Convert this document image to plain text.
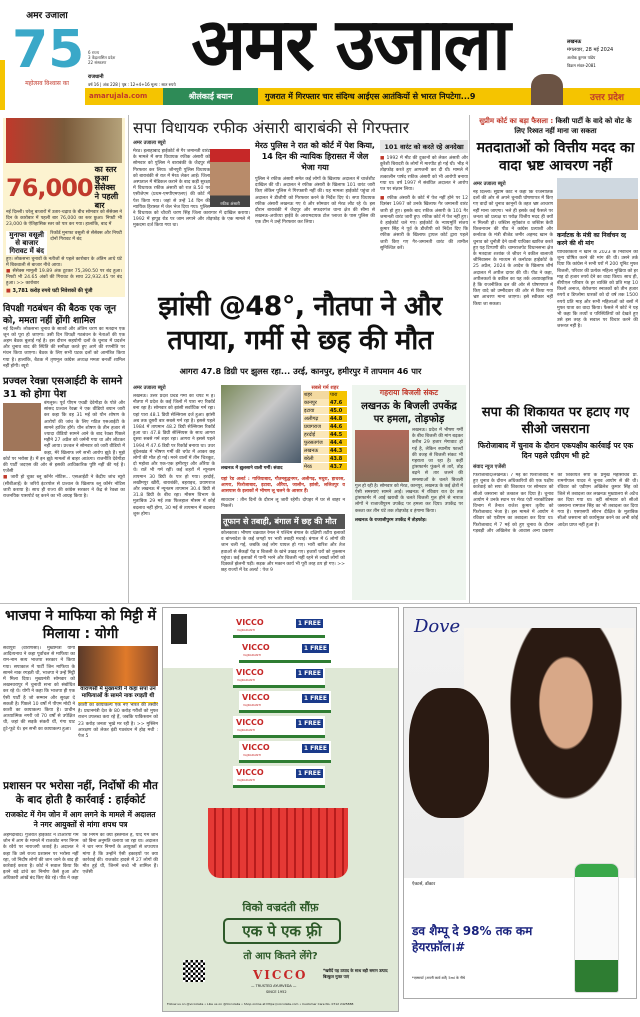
अमर उजाला
75
महोत्सव विश्वास का
6 राज्य
3 केंद्रशासित प्रदेश
22 संस्करण
राजधानी
वर्ष 16 | अंक 228 | पृष्ठ : 12+4+16 मूल्य : सात रुपये अमर उजाला	लखनऊ
मंगलवार, 28 मई 2024
अशोक कुमार पांडेय
विक्रम संवत-2081
amarujala.com	श्रीलंकाई बयान	गुजरात में गिरफ्तार चार संदिग्ध आईएस आतंकियों से भारत निपटेगा...9	उत्तर प्रदेश
76,000
का स्तर छुआ सेंसेक्स ने पहली बार
नई दिल्ली। घरेलू बाजारों में उतार-चढ़ाव के बीच सोमवार को सेंसेक्स ने दिन के कारोबार में पहली बार 76,000 का स्तर छुआ। निफ्टी भी 23,000 के ऐतिहासिक स्तर को पार कर गया। हालांकि, बाद में
मुनाफा वसूली से बाजार गिरावट में बंद
रिकॉर्ड मुनाफा वसूली से सेंसेक्स और निफ्टी दोनों गिरावट में बंद
हुए। लोकसभा चुनावों के नतीजों से पहले कारोबार के अंतिम आधे घंटे में बिकवाली से बाजार नीचे आया।
■ सेंसेक्स मामूली 19.89 अंक टूटकर 75,390.50 पर बंद हुआ। निफ्टी भी 24.65 अंकों की गिरावट के साथ 22,932.45 पर बंद हुआ। >> कारोबार
■ 3,781 करोड़ रुपये घटी निवेशकों की पूंजी
विपक्षी गठबंधन की बैठक एक जून को, ममता नहीं होंगी शामिल
नई दिल्ली। लोकसभा चुनाव के सातवें और अंतिम चरण का मतदान एक जून को पूरा हो जाएगा। उसी दिन विपक्षी गठबंधन के नेताओं की एक अहम बैठक बुलाई गई है। इस दौरान सहयोगी दलों के चुनाव में प्रदर्शन और चुनाव बाद की स्थिति की समीक्षा करते हुए आगे की रणनीति पर मंथन किया जाएगा। बैठक के लिए सभी घटक दलों को आमंत्रित किया गया है। हालांकि, बैठक में तृणमूल कांग्रेस अध्यक्ष ममता बनर्जी शामिल नहीं होंगी। ब्यूरो
प्रज्वल रेवन्ना एसआईटी के सामने 31 को होगा पेश
बंगलूरू। पूर्व पीएम एचडी देवेगौड़ा के पोते और सांसद प्रज्वल रेवन्ना ने एक वीडियो बयान जारी कर कहा कि वह 31 मई को यौन शोषण के आरोपों की जांच के लिए गठित एसआईटी के सामने हाजिर होंगे। यौन शोषण के तीन हजार से ज्यादा वीडियो सामने आने के बाद रेवन्ना पिछले महीने 27 अप्रैल को जर्मनी गया था और लौटकर नहीं आया। प्रज्वल ने सोमवार को जारी वीडियो में कहा, मेरे खिलाफ लगे सभी आरोप झूठे हैं। मुझे कोर्ट पर भरोसा है। मैं इन झूठे मामलों से बाहर आऊंगा। राजनीति देवेगौड़ा की पार्टी जदएस की ओर से इसकी आधिकारिक पुष्टि नहीं की गई है। एजेंसी
■ जारी हो चुका ब्लू कॉर्नर नोटिस... एसआईटी ने केंद्रीय जांच ब्यूरो (सीबीआई) के जरिये इंटरपोल से प्रज्वल के खिलाफ ब्लू कॉर्नर नोटिस जारी कराया है। साथ ही राज्य की कांग्रेस सरकार ने केंद्र से रेवन्ना का राजनयिक पासपोर्ट रद्द करने का भी आग्रह किया है।
सपा विधायक रफीक अंसारी बाराबंकी से गिरफ्तार
अमर उजाला ब्यूरो
रफीक अंसारी
मेरठ। इलाहाबाद हाईकोर्ट से गैर जमानती वारंट के मामले में सपा विधायक रफीक अंसारी को सोमवार को पुलिस ने बाराबंकी के जैदपुर से गिरफ्तार कर लिया। जौनपुरी पुलिस विधायक को बाराबंकी से रात में मेरठ लेकर आई। जिला अस्पताल में मेडिकल कराने के बाद कड़ी सुरक्षा में विधायक रफीक अंसारी को रात 8.50 पर एसीजेएम (प्रथम-एमपीएमएलए) की कोर्ट में पेश किया गया। जहां से उन्हें 14 दिन की न्यायिक हिरासत में जेल भेज दिया गया। पुलिस ने विधायक को चौधरी चरण सिंह जिला कारागार में दाखिल कराया। 1992 में हापुड़ रोड पर जाम लगाने और तोड़फोड़ के एक मामले में मुकदमा दर्ज किया गया था।
मेरठ पुलिस ने रात को कोर्ट में पेश किया, 14 दिन की न्यायिक हिरासत में जेल भेजा गया
पुलिस ने रफीक अंसारी समेत कई लोगों के खिलाफ अदालत में चार्जशीट दाखिल की थी। अदालत ने रफीक अंसारी के खिलाफ 101 वारंट जारी किए लेकिन पुलिस ने गिरफ्तारी नहीं की। यह मामला हाईकोर्ट पहुंचा तो अदालत ने डीजीपी को गिरफ्तार करने के निर्देश दिए थे। सपा विधायक रफीक अंसारी लखनऊ गए थे और सोमवार को मेरठ लौट रहे थे। इस दौरान बाराबंकी में जैदपुर और सफदरगंज थाना क्षेत्र की सीमा से लखनऊ-अयोध्या हाईवे के आरामदायक टोल प्लाजा के पास पुलिस की एक टीम ने उन्हें गिरफ्तार कर लिया।
101 वारंट को करते रहे अनदेखा
■ 1992 में मीट की दुकानों को लेकर अंसारी और कुरैशी बिरादरी के लोगों में मारपीट हो गई थी। भीड़ ने तोड़फोड़ करते हुए आगजनी कर दी थी। मामले में तत्कालीन पार्षद रफीक अंसारी को भी आरोपी बनाया गया था। वर्ष 1997 में संबंधित अदालत ने आरोप पत्र पर संज्ञान लिया।
■ रफीक अंसारी के कोर्ट में पेश नहीं होने पर 12 दिसंबर 1997 को उनके खिलाफ गैर जमानती वारंट जारी हो हुए। इसके बाद रफीक अंसारी के 101 गैर जमानती वारंट जारी हुए। रफीक कोर्ट में पेश नहीं हुए। वे हाईकोर्ट चले गए। हाईकोर्ट के न्यायमूर्ति संजय कुमार सिंह ने पूर्व के डीजीपी को निर्देश दिए कि रफीक अंसारी के खिलाफ ट्रायल कोर्ट द्वारा पहले जारी किए गए गैर-जमानती वारंट की तामील सुनिश्चित करें।
झांसी @48°, नौतपा ने और तपाया, गर्मी से छह की मौत
आगरा 47.8 डिग्री पर झुलस रहा... उरई, कानपुर, हमीरपुर में तापमान 46 पार
अमर उजाला ब्यूरो
लखनऊ। उत्तर प्रदेश प्रचंड गर्मी की चपेट में है। नौतपा में प्रदेश के कई जिलों में पारा नए रिकॉर्ड बना रहा है। सोमवार को झांसी सर्वाधिक गर्म रहा। यहां पारा 48.1 डिग्री सेल्सियस दर्ज हुआ। झांसी अब तक दूसरी बार सबसे गर्म रहा है। इससे पहले 1984 में तापमान 48.2 डिग्री सेल्सियस रिकॉर्ड हुआ था। 47.8 डिग्री सेल्सियस के साथ आगरा दूसरा सबसे गर्म शहर रहा। आगरा ने इससे पहले 1994 में 47.6 डिग्री पर रिकॉर्ड बनाया था। उधर बुंदेलखंड में भीषण गर्मी की चपेट में आकर छह लोगों की मौत हो गई। मरने वालों में तीन चित्रकूट, दो महोबा और एक-एक हमीरपुर और औरैया के थे। रातें भी गर्म रहीं। कई शहरों में न्यूनतम तापमान 30 डिग्री के पार हो गया। हरदोई, लखीमपुर खीरी, बाराबंकी, बहराइच, प्रयागराज और लखनऊ में न्यूनतम तापमान 30.4 डिग्री से 31.8 डिग्री के बीच रहा। मौसम विभाग के मुताबिक 29 मई तक फिलहाल मौसम में कोई बदलाव नहीं होगा, 30 मई से तापमान में बदलाव शुरू होगा।
लखनऊ में झुलसाने वाली गर्मी। संवाद
सबसे गर्म शहर
शहर	पारा
कानपुर	47.6
इटावा	45.0
अलीगढ़	44.8
प्रयागराज	44.6
हरदोई	44.5
फुरसतगंज	44.4
लखनऊ	44.3
बरेली	43.8
मेरठ	43.7
यहां रेड अलर्ट : गाजियाबाद, गौतमबुद्धनगर, अलीगढ़, मथुरा, हाथरस, आगरा, फिरोजाबाद, इटावा, औरैया, जालौन, झांसी, ललितपुर व आसपास के इलाकों में भीषण लू चलने के आसार हैं।
सावधान : तीन दिनों के दौरान लू जारी रहेगी। दोपहर में घर से बाहर न निकलें।
तूफान से तबाही, बंगाल में छह की मौत
कोलकाता। भीषण चक्रवात रेमल ने पश्चिम बंगाल के दक्षिणी तटीय इलाकों व बांग्लादेश के कई जगहों पर भारी तबाही मचाई। बंगाल में 6 लोगों की जान चली गई, जबकि कई लोग घायल हो गए। भारी बारिश और तेज हवाओं से सैकड़ों पेड़ व बिजली के खंभे उखड़ गए। हजारों घरों को नुकसान पहुंचा। कई इलाकों में पानी भरने और बिजली नहीं रहने से लाखों लोगों को दिक्कतें झेलनी पड़ी। सड़क और मकान कार्य भी पूरी तरह ठप हो गए। >> छह राज्यों में रेड अलर्ट : पेज 9
गहराया बिजली संकट
लखनऊ के बिजली उपकेंद्र पर हमला, तोड़फोड़
लखनऊ। प्रदेश में भीषण गर्मी के बीच बिजली की मांग बढ़कर करीब 29 हजार मेगावाट हो गई है, लेकिन स्थानीय फाल्टों की वजह से बिजली संकट भी गहराता जा रहा है। कहीं ट्रांसफार्मर फुंकने से तारें, तोड़ बढ़ने से तार जलने की समस्याओं के चलते बिजली गुल हो रही है। सोमवार को मेरठ, कानपुर, लखनऊ के कई क्षेत्रों में ऐसी समस्याएं सामने आईं। लखनऊ में रविवार रात देर तक ट्रांसफार्मर में आई खराबी के चलते बिजली गुल होने से नाराज लोगों ने राजाजीपुरम उपकेंद्र पर हमला कर दिया। उपकेंद्र पर कब्जा कर तीन घंटे तक तोड़फोड़ व हंगामा किया।
लखनऊ के राजाजीपुरम उपकेंद्र में तोड़फोड़।
सुप्रीम कोर्ट का बड़ा फैसला : किसी पार्टी के वादे को वोट के लिए रिश्वत नहीं माना जा सकता
मतदाताओं को वित्तीय मदद का वादा भ्रष्ट आचरण नहीं
अमर उजाला ब्यूरो
नई दिल्ली। सुप्रीम कोर्ट ने कहा कि राजनीतिक दलों की ओर से अपने चुनावी घोषणापत्र में किए गए वादों को चुनाव कानूनों के तहत भ्रष्ट आचरण नहीं माना जाएगा। भले ही इसके कई फैसले पर जनता को प्रत्यक्ष या परोक्ष वित्तीय मदद ही क्यों न मिलती हो। जस्टिस सूर्यकांत व जस्टिस केवी विश्वनाथन की पीठ ने कांग्रेस प्रत्याशी और कर्नाटक के मंत्री बीजेड जमीर अहमद खान के चुनाव को चुनौती देने वाली याचिका खारिज करते हुए यह टिप्पणी की। चामराजपेट विधानसभा क्षेत्र के मतदाता शशांक जे श्रीधर ने वकील बालाजी श्रीनिवासन के माध्यम से कर्नाटक हाईकोर्ट के 25 अप्रैल, 2024 के आदेश के खिलाफ शीर्ष अदालत में अपील दायर की थी। पीठ ने कहा, अपीलकर्ता के वकील का यह तर्क अव्यावहारिक है कि राजनीतिक दल की ओर से घोषणापत्र में किए वादे को उम्मीदवार की ओर से किया गया भ्रष्ट आचरण माना जाएगा। इसे स्वीकार नहीं किया जा सकता।
कर्नाटक के मंत्री का निर्वाचन रद्द करने की थी मांग
याचिकाकर्ता ने खान के 2023 के निर्वाचन को शून्य घोषित करने की मांग की थी। उसने तर्क दिया कि कांग्रेस ने सभी घरों में 200 यूनिट मुफ्त बिजली, परिवार की प्रत्येक महिला मुखिया को हर माह दो हजार रुपये देने का वादा किया। साथ ही, बीपीएल परिवार के हर व्यक्ति को प्रति माह 10 किलो अनाज, बेरोजगार स्नातकों को तीन हजार रुपये व डिप्लोमा धारकों को दो वर्ष तक 1500 रुपये प्रति माह और सभी महिलाओं को बसों में मुफ्त यात्रा का वादा किया। फैसले में कोर्ट ने यह भी कहा कि तथ्यों व परिस्थितियों को देखते हुए उसे इस तरह के सवाल पर विचार करने की जरूरत नहीं है।
सपा की शिकायत पर हटाए गए सीओ जसराना
फिरोजाबाद में चुनाव के दौरान एकपक्षीय कार्रवाई पर एक दिन पहले एडीएम भी हटे
संवाद न्यूज एजेंसी
फिरोजाबाद/लखनऊ। 7 मई को फिरोजाबाद में हुए चुनाव के दौरान अधिकारियों की एक पक्षीय कार्रवाई को सपा की शिकायत पर सोमवार को सीओ जसराना को तत्काल कर दिया है। चुनाव आयोग ने उनके स्थान पर मेरठ एंटी नारकोटिक्स विभाग में तैनात राजेश कुमार तृतीय को फिरोजाबाद भेजा है। इस मामले में आयोग ने रविवार को एडीएम का तबादला कर दिया था। फिरोजाबाद में 7 मई को हुए चुनाव के दौरान गड़बड़ी और अखिलेश के आवास अन्य प्रकरण की शिकायत सपा के प्रमुख महासचिव प्रो. रामगोपाल यादव ने चुनाव आयोग से की थी। रविवार को एडीएम अखिलेश कुमार सिंह को जिले से तबादला कर लखनऊ मुख्यालय से अटैच कर दिया गया था। वहीं सोमवार को सीओ जसराना रामपाल सिंह का भी तबादला कर दिया गया है। एसएसपी सौरभ दीक्षित के मुताबिक सीओ जसराना को कार्यमुक्त करने का अभी कोई आदेश प्राप्त नहीं हुआ है।
भाजपा ने माफिया को मिट्टी में मिलाया : योगी
सेवापुरी (वाराणसी)। मुख्यमंत्री योगी आदित्यनाथ ने कहा पूर्वांचल से माफिया का राम-नाम सत्य भाजपा सरकार ने किया गया। सपाकाल में पार्टी जिन माफिया के सामने नाक रगड़ती थी, भाजपा ने उन्हें मिट्टी में मिला दिया। मुख्यमंत्री सोमवार को लखनवरापुर में चुनावी सभा को संबोधित कर रहे थे। योगी ने कहा कि भाजपा ही एक ऐसी पार्टी है जो सम्मान और सुरक्षा दे सकती है। पिछले 10 वर्षों में पीएम मोदी ने काशी का कायाकल्प किया है। प्राचीन आध्यात्मिक नगरी जो 70 वर्षों से उपेक्षित थी, जहां की सड़कें संकरी थीं, गंगा घाट टूटे-फूटे थे। इन सभी का कायाकल्प हुआ।
वाराणसी में मुख्यमंत्री ने कहा सपा उन माफियाओं के सामने नाक रगड़ती थी
काशी का कायाकल्प एक नए भारत की तस्वीर है। प्रधानमंत्री देश के 80 करोड़ गरीबों को मुफ्त राशन उपलब्ध करा रहे हैं, जबकि पाकिस्तान को 23 करोड़ जनता भूखे मर रही है। >> मुस्लिम आरक्षण को लेकर इंडी गठबंधन में होड़ मची : पेज 5
प्रशासन पर भरोसा नहीं, निर्दोषों की मौत के बाद होती है कार्रवाई : हाईकोर्ट
राजकोट में गेम जोन में आग लगने के मामले में अदालत ने नगर आयुक्तों से मांगा शपथ पत्र
अहमदाबाद। गुजरात हाईकोर्ट ने टीआरपी गेम जोन में आग के मामले में राजकोट नगर निगम के रवैये पर नाराजगी जताई है। अदालत ने कहा कि उसे राज्य प्रशासन पर भरोसा नहीं रहा, जो निर्दोष लोगों की जान जाने के बाद ही कार्रवाई करता है। कोर्ट ने सवाल किया कि इतने बड़े ढांचे का निर्माण कैसे हुआ और अधिकारी आंखें बंद किए बैठे रहे। पीठ ने कहा कि निगम का क्या इस्तेमाल है, यदि गेम जोन को बिना अनुमति चलाया जा रहा था। अदालत ने चार नगर निगमों के आयुक्तों से शपथपत्र मांगा है कि उन्होंने ऐसी इकाइयों पर क्या कार्रवाई की। राजकोट हादसे में 27 लोगों की मौत हुई थी, जिनमें बच्चे भी शामिल हैं। एजेंसी
VICCO
VAJRADANTI
1 FREE
VICCO
VAJRADANTI
1 FREE
VICCO
VAJRADANTI
1 FREE
VICCO
VAJRADANTI
1 FREE
VICCO
VAJRADANTI
1 FREE
VICCO
VAJRADANTI
1 FREE
VICCO
VAJRADANTI
1 FREE
विको वज्रदंती सौंफ़
एक पे एक फ़्री
तो आप कितने लेंगे?
VICCO
— TRUSTED AYURVEDA —
SINCE 1952
*खरीदें यह उत्पाद के साथ बही समान उत्पाद बिल्कुल मुफ्त पाएं
Follow us on @viccolabs • Like us on @Viccolabs • Shop online at https://viccolabs.com • Customer Care No. 0712 2425888
Dove
ऐक्टर्स, डॉक्टर
डव शैम्पू दे 98% तक कम हेयरफ़ॉल।#
*एक्सपर्ट (अपनी कार्य शर्तें) 5ml के नीचे
